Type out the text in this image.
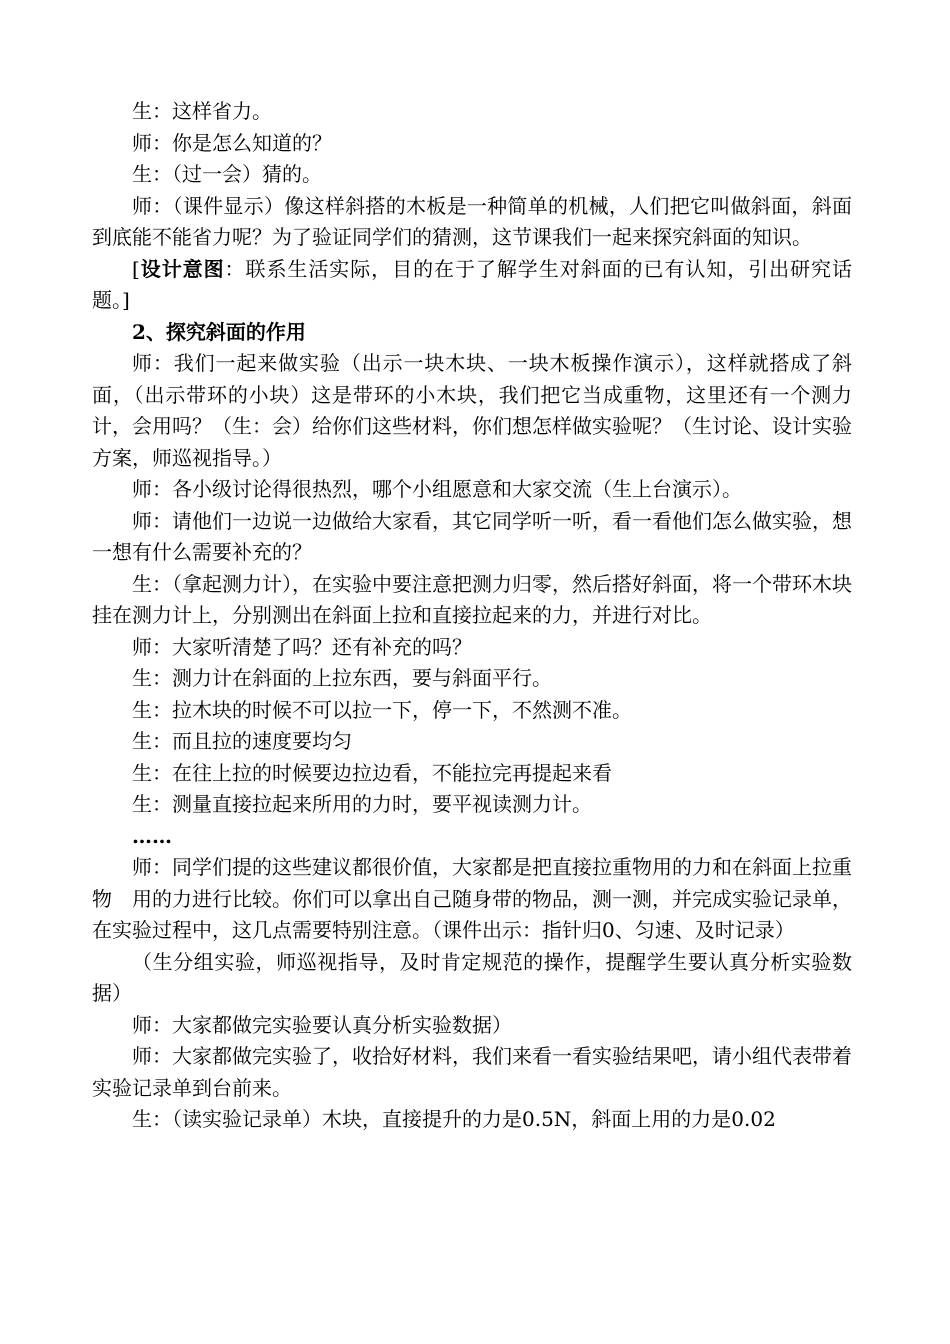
生：这样省力。

师：你是怎么知道的？

生：（过一会）猜的。

师：（课件显示）像这样斜搭的木板是一种简单的机械，人们把它叫做斜面，斜面到底能不能省力呢？为了验证同学们的猜测，这节课我们一起来探究斜面的知识。

[设计意图：联系生活实际，目的在于了解学生对斜面的已有认知，引出研究话题。]

2、探究斜面的作用

师：我们一起来做实验（出示一块木块、一块木板操作演示），这样就搭成了斜面，（出示带环的小块）这是带环的小木块，我们把它当成重物，这里还有一个测力计，会用吗？（生：会）给你们这些材料，你们想怎样做实验呢？（生讨论、设计实验方案，师巡视指导。）

师：各小级讨论得很热烈，哪个小组愿意和大家交流（生上台演示）。

师：请他们一边说一边做给大家看，其它同学听一听，看一看他们怎么做实验，想一想有什么需要补充的？

生：（拿起测力计），在实验中要注意把测力归零，然后搭好斜面，将一个带环木块挂在测力计上，分别测出在斜面上拉和直接拉起来的力，并进行对比。

师：大家听清楚了吗？还有补充的吗？

生：测力计在斜面的上拉东西，要与斜面平行。

生：拉木块的时候不可以拉一下，停一下，不然测不准。

生：而且拉的速度要均匀

生：在往上拉的时候要边拉边看，不能拉完再提起来看

生：测量直接拉起来所用的力时，要平视读测力计。

……

师：同学们提的这些建议都很价值，大家都是把直接拉重物用的力和在斜面上拉重物　用的力进行比较。你们可以拿出自己随身带的物品，测一测，并完成实验记录单，在实验过程中，这几点需要特别注意。（课件出示：指针归0、匀速、及时记录）

（生分组实验，师巡视指导，及时肯定规范的操作，提醒学生要认真分析实验数据）

师：大家都做完实验要认真分析实验数据）

师：大家都做完实验了，收拾好材料，我们来看一看实验结果吧，请小组代表带着实验记录单到台前来。

生：（读实验记录单）木块，直接提升的力是0.5N，斜面上用的力是0.02
